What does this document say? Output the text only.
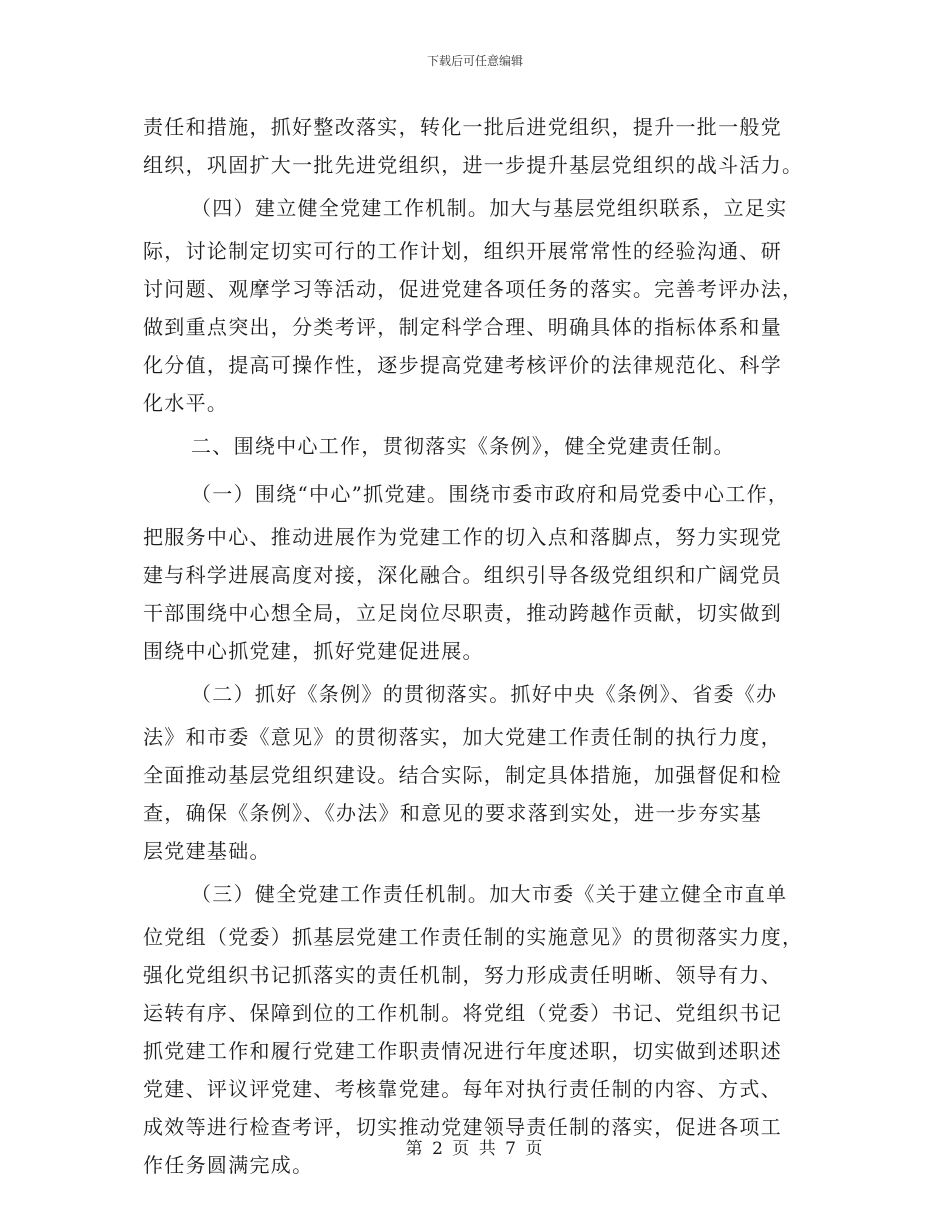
下载后可任意编辑
责任和措施，抓好整改落实，转化一批后进党组织，提升一批一般党
组织，巩固扩大一批先进党组织，进一步提升基层党组织的战斗活力。
（四）建立健全党建工作机制。加大与基层党组织联系，立足实
际，讨论制定切实可行的工作计划，组织开展常常性的经验沟通、研
讨问题、观摩学习等活动，促进党建各项任务的落实。完善考评办法，
做到重点突出，分类考评，制定科学合理、明确具体的指标体系和量
化分值，提高可操作性，逐步提高党建考核评价的法律规范化、科学
化水平。
二、围绕中心工作，贯彻落实《条例》，健全党建责任制。
（一）围绕“中心”抓党建。围绕市委市政府和局党委中心工作，
把服务中心、推动进展作为党建工作的切入点和落脚点，努力实现党
建与科学进展高度对接，深化融合。组织引导各级党组织和广阔党员
干部围绕中心想全局，立足岗位尽职责，推动跨越作贡献，切实做到
围绕中心抓党建，抓好党建促进展。
（二）抓好《条例》的贯彻落实。抓好中央《条例》、省委《办
法》和市委《意见》的贯彻落实，加大党建工作责任制的执行力度，
全面推动基层党组织建设。结合实际，制定具体措施，加强督促和检
查，确保《条例》、《办法》和意见的要求落到实处，进一步夯实基
层党建基础。
（三）健全党建工作责任机制。加大市委《关于建立健全市直单
位党组（党委）抓基层党建工作责任制的实施意见》的贯彻落实力度，
强化党组织书记抓落实的责任机制，努力形成责任明晰、领导有力、
运转有序、保障到位的工作机制。将党组（党委）书记、党组织书记
抓党建工作和履行党建工作职责情况进行年度述职，切实做到述职述
党建、评议评党建、考核靠党建。每年对执行责任制的内容、方式、
成效等进行检查考评，切实推动党建领导责任制的落实，促进各项工
作任务圆满完成。
第 2 页 共 7 页
